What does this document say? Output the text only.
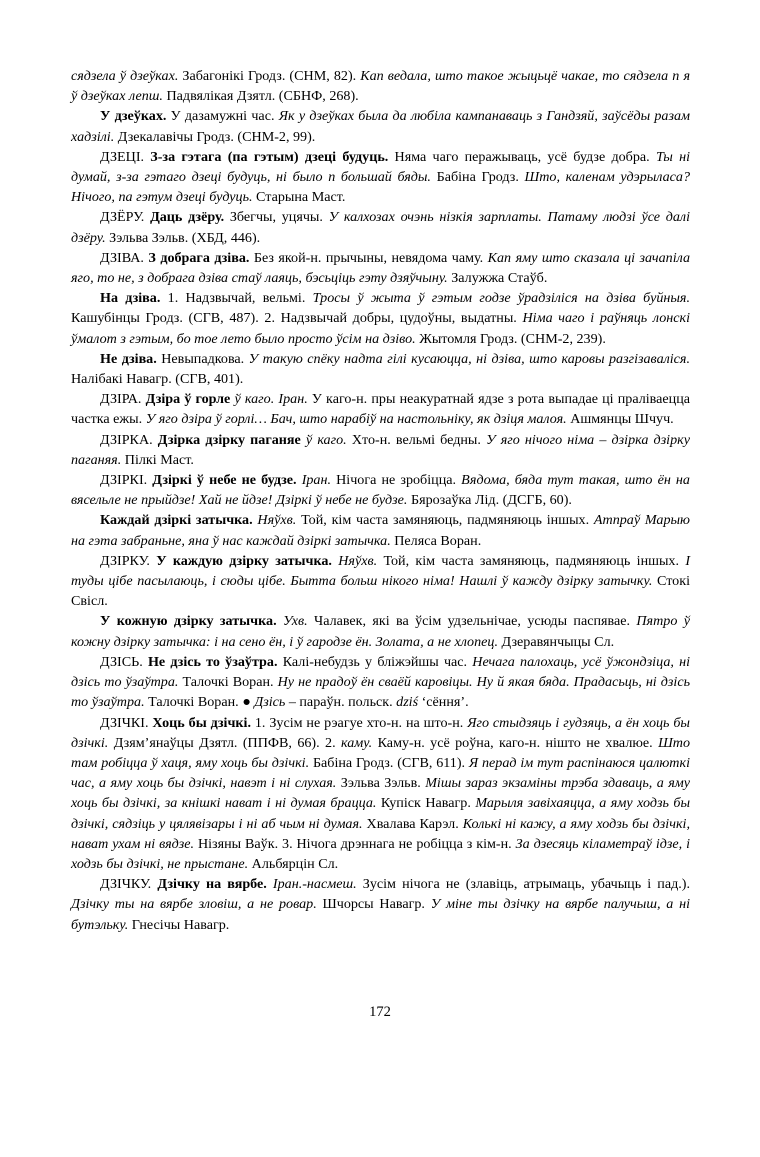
сядзела ў дзеўках. Забагонікі Гродз. (СНМ, 82). Кап ведала, што такое жыцьцё чакае, то сядзела п я ў дзеўках лепш. Падвялікая Дзятл. (СБНФ, 268).

У дзеўках. У дазамужні час. Як у дзеўках была да любіла кампанаваць з Гандзяй, заўсёды разам хадзілі. Дзекалавічы Гродз. (СНМ-2, 99).

ДЗЕЦІ. З-за гэтага (па гэтым) дзеці будуць. Няма чаго перажываць, усё будзе добра. Ты ні думай, з-за гэтаго дзеці будуць, ні было п большай бяды. Бабіна Гродз. Што, каленам удэрылаcа? Нічого, па гэтум дзеці будуць. Старына Маст.

ДЗЁРУ. Даць дзёру. Збегчы, уцячы. У калхозах очэнь нізкія зарплаты. Патаму людзі ўсе далі дзёру. Зэльва Зэльв. (ХБД, 446).

ДЗІВА. З добрага дзіва. Без якой-н. прычыны, невядома чаму. Кап яму што сказала ці зачапіла яго, то не, з добрага дзіва стаў лаяць, бэсьціць гэту дзяўчыну. Залужжа Стаўб.

На дзіва. 1. Надзвычай, вельмі. Тросы ў жыта ў гэтым годзе ўрадзіліся на дзіва буйныя. Кашубінцы Гродз. (СГВ, 487). 2. Надзвычай добры, цудоўны, выдатны. Німа чаго і раўняць лонскі ўмалот з гэтым, бо тое лето было просто ўсім на дзіво. Жытомля Гродз. (СНМ-2, 239).

Не дзіва. Невыпадкова. У такую спёку надта гілі кусаюцца, ні дзіва, што каровы разгізаваліся. Налібакі Навагр. (СГВ, 401).

ДЗІРА. Дзіра ў горле ў каго. Іран. У каго-н. пры неакуратнай ядзе з рота выпадае ці пралiваецца частка ежы. У яго дзіра ў горлі… Бач, што нарабіў на настольніку, як дзіця малоя. Ашмянцы Шчуч.

ДЗІРКА. Дзірка дзірку паганяе ў каго. Хто-н. вельмі бедны. У яго нічого німа – дзірка дзірку паганяя. Пілкі Маст.

ДЗІРКІ. Дзіркі ў небе не будзе. Іран. Нічога не зробіцца. Вядома, бяда тут такая, што ён на вясельле не прыйдзе! Хай не йдзе! Дзіркі ў небе не будзе. Бярозаўка Лід. (ДСГБ, 60).

Каждай дзіркі затычка. Няўхв. Той, кім часта замяняюць, падмяняюць іншых. Атпраў Марыю на гэта забраньне, яна ў нас каждай дзіркі затычка. Пеляса Воран.

ДЗІРКУ. У каждую дзірку затычка. Няўхв. Той, кім часта замяняюць, падмяняюць іншых. І туды цібе пасылаюць, і сюды цібе. Бытта больш нікого німа! Нашлі ў кажду дзірку затычку. Стокі Свісл.

У кожную дзірку затычка. Ухв. Чалавек, які ва ўсім удзельнічае, усюды паспявае. Пятро ў кожну дзірку затычка: і на сено ён, і ў гародзе ён. Золата, а не хлопец. Дзеравянчыцы Сл.

ДЗІСЬ. Не дзісь то ўзаўтра. Калі-небудзь у бліжэйшы час. Нечага палохаць, усё ўжондзіца, ні дзісь то ўзаўтра. Талочкі Воран. Ну не прадоў ён сваёй каровіцы. Ну й якая бяда. Прадасьць, ні дзісь то ўзаўтра. Талочкі Воран. ● Дзісь – параўн. польск. dziś ‘сёння’.

ДЗІЧКІ. Хоць бы дзічкі. 1. Зусім не рэагуе хто-н. на што-н. Яго стыдзяць і гудзяць, а ён хоць бы дзічкі. Дзям’янаўцы Дзятл. (ППФВ, 66). 2. каму. Каму-н. усё роўна, каго-н. нішто не хвалюе. Што там робіцца ў хаця, яму хоць бы дзічкі. Бабіна Гродз. (СГВ, 611). Я перад ім тут распінаюся цалюткі час, а яму хоць бы дзічкі, навэт і ні слухая. Зэльва Зэльв. Мішы зараз экзаміны трэба здаваць, а яму хоць бы дзічкі, за кнішкі нават і ні думая брацца. Купіск Навагр. Марыля завіхаяцца, а яму ходзь бы дзічкі, сядзіць у цялявізары і ні аб чым ні думая. Хвалава Карэл. Колькі ні кажу, а яму ходзь бы дзічкі, нават ухам ні вядзе. Нізяны Ваўк. 3. Нічога дрэннага не робіцца з кім-н. За дзесяць кіламетраў ідзе, і ходзь бы дзічкі, не прыстане. Альбярцін Сл.

ДЗІЧКУ. Дзічку на вярбе. Іран.-насмеш. Зусім нічога не (злавіць, атрымаць, убачыць і пад.). Дзічку ты на вярбе зловіш, а не ровар. Шчорсы Навагр. У міне ты дзічку на вярбе палучыш, а ні бутэльку. Гнесічы Навагр.

172
